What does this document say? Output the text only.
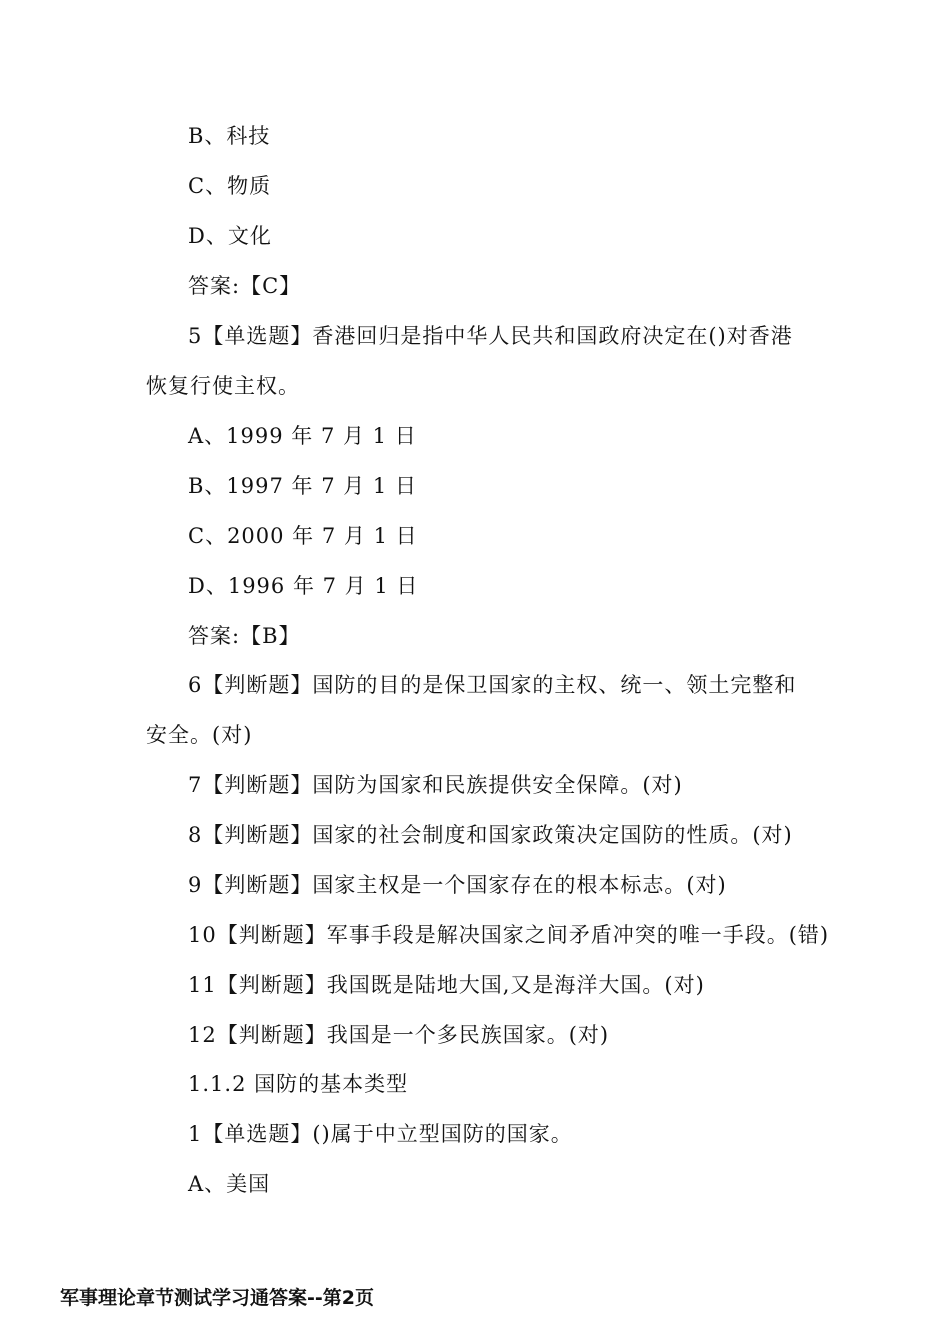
B、科技
C、物质
D、文化
答案:【C】
5【单选题】香港回归是指中华人民共和国政府决定在()对香港
恢复行使主权。
A、1999 年 7 月 1 日
B、1997 年 7 月 1 日
C、2000 年 7 月 1 日
D、1996 年 7 月 1 日
答案:【B】
6【判断题】国防的目的是保卫国家的主权、统一、领土完整和
安全。(对)
7【判断题】国防为国家和民族提供安全保障。(对)
8【判断题】国家的社会制度和国家政策决定国防的性质。(对)
9【判断题】国家主权是一个国家存在的根本标志。(对)
10【判断题】军事手段是解决国家之间矛盾冲突的唯一手段。(错)
11【判断题】我国既是陆地大国,又是海洋大国。(对)
12【判断题】我国是一个多民族国家。(对)
1.1.2 国防的基本类型
1【单选题】()属于中立型国防的国家。
A、美国
军事理论章节测试学习通答案--第2页
